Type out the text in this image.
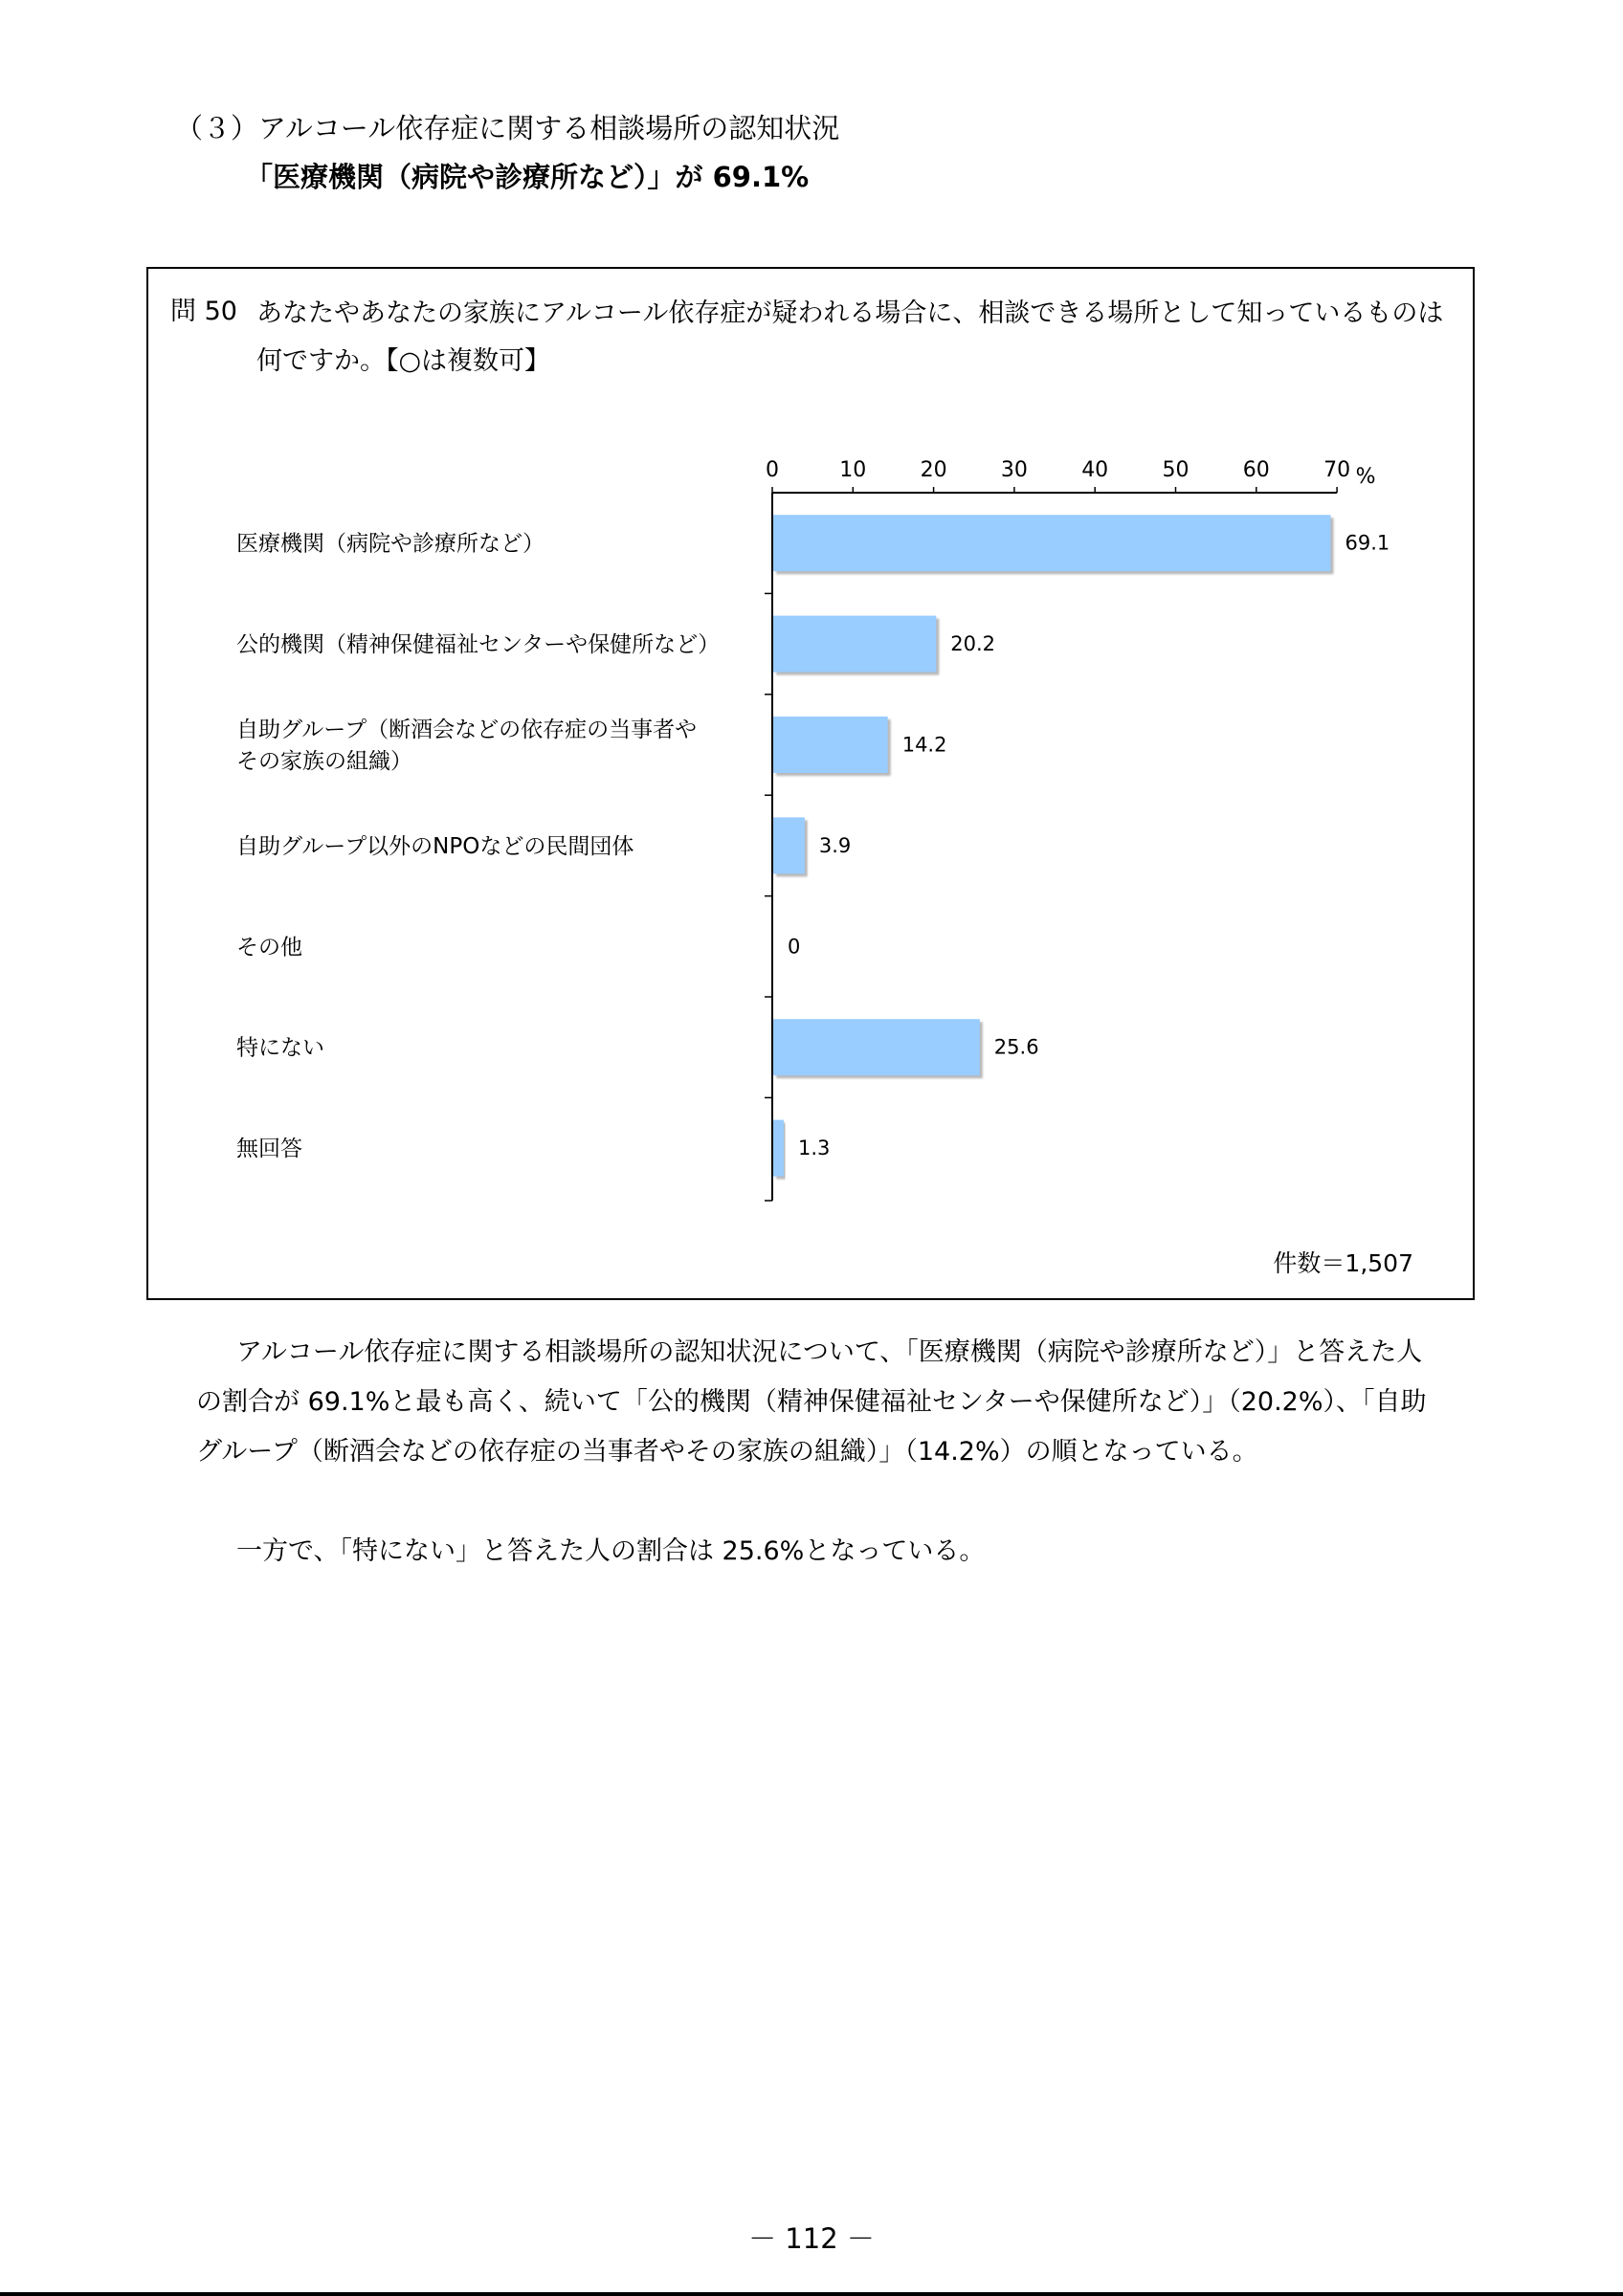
（３）アルコール依存症に関する相談場所の認知状況
「医療機関（病院や診療所など）」が 69.1%
問 50 あなたやあなたの家族にアルコール依存症が疑われる場合に、相談できる場所として知っているものは何ですか。【○は複数可】
0	10	20	30	40	50	60	70 %
69.1
医療機関（病院や診療所など）
20.2
公的機関（精神保健福祉センターや保健所など）
14.2
自助グループ（断酒会などの依存症の当事者や
その家族の組織）
3.9
自助グループ以外のNPOなどの民間団体
0
その他
25.6
特にない
1.3
無回答
件数＝1,507
アルコール依存症に関する相談場所の認知状況について、「医療機関（病院や診療所など）」と答えた人の割合が 69.1%と最も高く、続いて「公的機関（精神保健福祉センターや保健所など）」（20.2%）、「自助グループ（断酒会などの依存症の当事者やその家族の組織）」（14.2%）の順となっている。
一方で、「特にない」と答えた人の割合は 25.6%となっている。
－ 112 －
